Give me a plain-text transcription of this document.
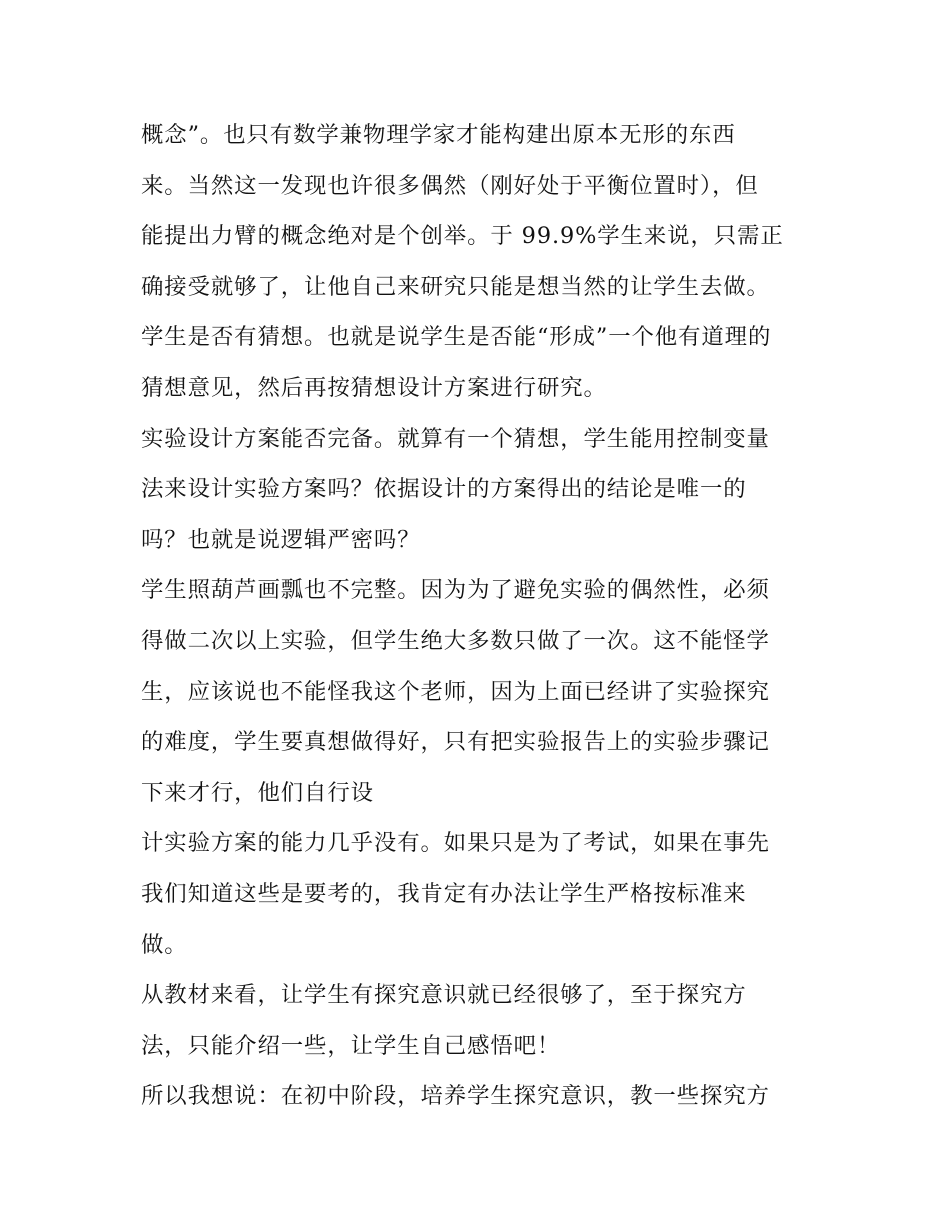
概念”。也只有数学兼物理学家才能构建出原本无形的东西
来。当然这一发现也许很多偶然（刚好处于平衡位置时），但
能提出力臂的概念绝对是个创举。于 99.9%学生来说，只需正
确接受就够了，让他自己来研究只能是想当然的让学生去做。
学生是否有猜想。也就是说学生是否能“形成”一个他有道理的
猜想意见，然后再按猜想设计方案进行研究。
实验设计方案能否完备。就算有一个猜想，学生能用控制变量
法来设计实验方案吗？依据设计的方案得出的结论是唯一的
吗？也就是说逻辑严密吗？
学生照葫芦画瓢也不完整。因为为了避免实验的偶然性，必须
得做二次以上实验，但学生绝大多数只做了一次。这不能怪学
生，应该说也不能怪我这个老师，因为上面已经讲了实验探究
的难度，学生要真想做得好，只有把实验报告上的实验步骤记
下来才行，他们自行设
计实验方案的能力几乎没有。如果只是为了考试，如果在事先
我们知道这些是要考的，我肯定有办法让学生严格按标准来
做。
从教材来看，让学生有探究意识就已经很够了，至于探究方
法，只能介绍一些，让学生自己感悟吧！
所以我想说：在初中阶段，培养学生探究意识，教一些探究方
